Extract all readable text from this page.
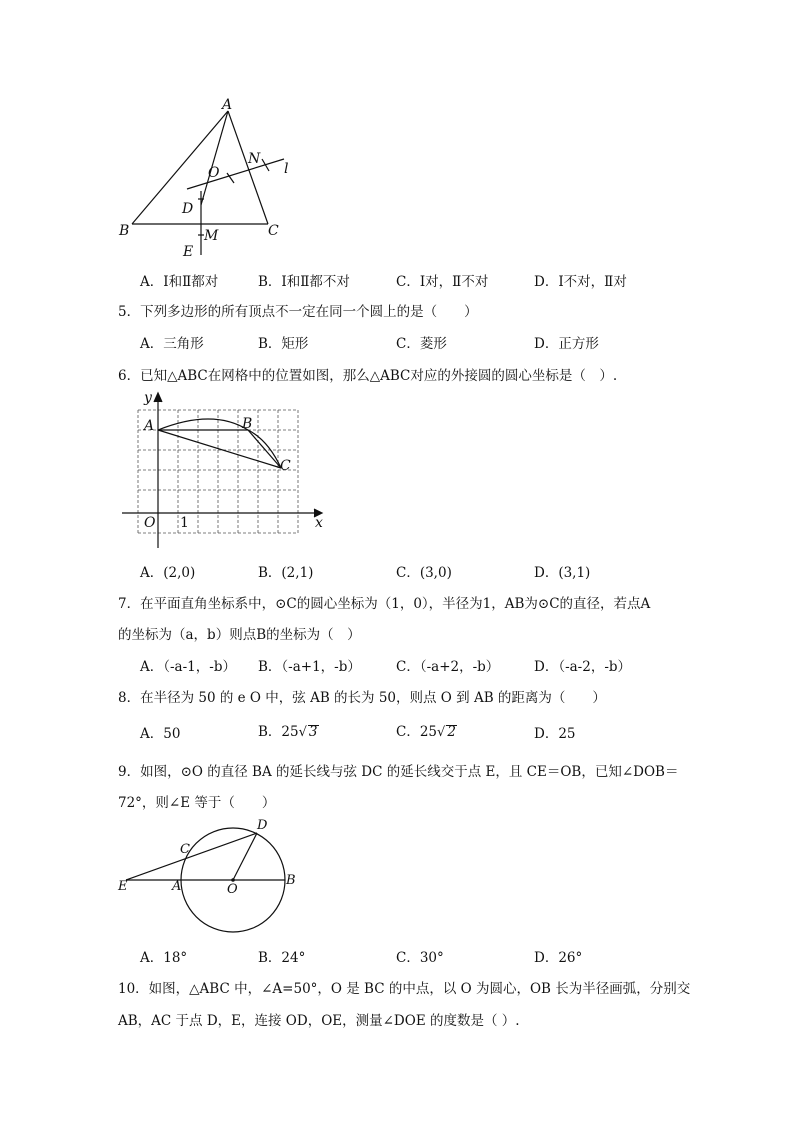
A
B	C
D
E
M
N
O	l
A．Ⅰ和Ⅱ都对	B．Ⅰ和Ⅱ都不对	C．Ⅰ对，Ⅱ不对	D．Ⅰ不对，Ⅱ对
5．下列多边形的所有顶点不一定在同一个圆上的是（　　）
A．三角形	B．矩形	C．菱形	D．正方形
6．已知△ABC在网格中的位置如图，那么△ABC对应的外接圆的圆心坐标是（　）.
y
x
O 1
A	B
C
A．(2,0)	B．(2,1)	C．(3,0)	D．(3,1)
7．在平面直角坐标系中，⊙C的圆心坐标为（1，0），半径为1，AB为⊙C的直径，若点A
的坐标为（a，b）则点B的坐标为（　）
A．（-a-1，-b） B．（-a+1，-b）	C．（-a+2，-b）	D．（-a-2，-b）
8．在半径为 50 的 e O 中，弦 AB 的长为 50，则点 O 到 AB 的距离为（　　）
A．50	B．25√ 3	C．25√ 2	D．25
9．如图，⊙O 的直径 BA 的延长线与弦 DC 的延长线交于点 E，且 CE＝OB，已知∠DOB＝
72°，则∠E 等于（　　）
D
C
E	A	O
B
A．18°	B．24°	C．30°	D．26°
10．如图，△ABC 中，∠A=50°，O 是 BC 的中点，以 O 为圆心，OB 长为半径画弧，分别交
AB，AC 于点 D，E，连接 OD，OE，测量∠DOE 的度数是（ ）.
